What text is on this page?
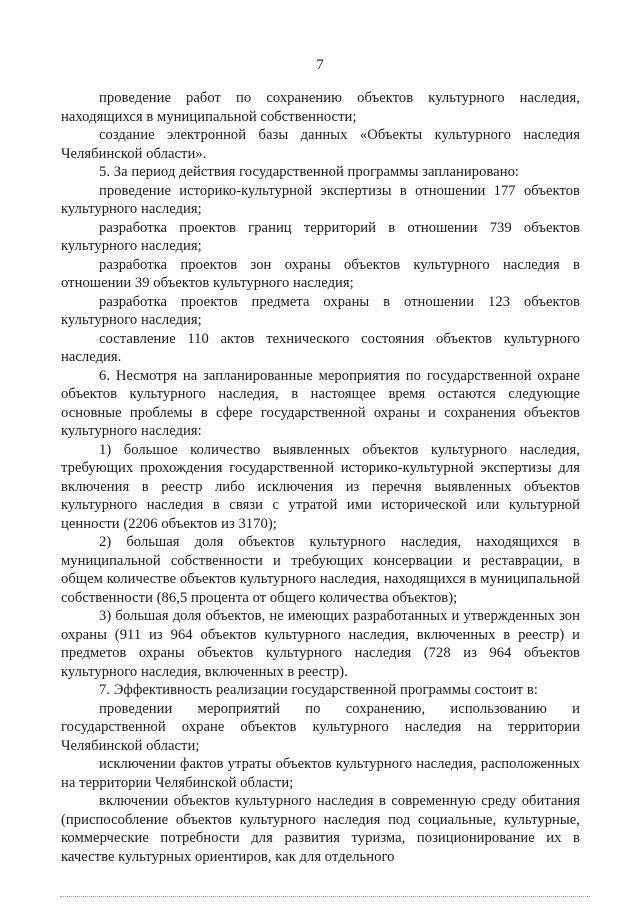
7

проведение работ по сохранению объектов культурного наследия, находящихся в муниципальной собственности;

создание электронной базы данных «Объекты культурного наследия Челябинской области».

5. За период действия государственной программы запланировано:

проведение историко-культурной экспертизы в отношении 177 объектов культурного наследия;

разработка проектов границ территорий в отношении 739 объектов культурного наследия;

разработка проектов зон охраны объектов культурного наследия в отношении 39 объектов культурного наследия;

разработка проектов предмета охраны в отношении 123 объектов культурного наследия;

составление 110 актов технического состояния объектов культурного наследия.

6. Несмотря на запланированные мероприятия по государственной охране объектов культурного наследия, в настоящее время остаются следующие основные проблемы в сфере государственной охраны и сохранения объектов культурного наследия:

1) большое количество выявленных объектов культурного наследия, требующих прохождения государственной историко-культурной экспертизы для включения в реестр либо исключения из перечня выявленных объектов культурного наследия в связи с утратой ими исторической или культурной ценности (2206 объектов из 3170);

2) большая доля объектов культурного наследия, находящихся в муниципальной собственности и требующих консервации и реставрации, в общем количестве объектов культурного наследия, находящихся в муниципальной собственности (86,5 процента от общего количества объектов);

3) большая доля объектов, не имеющих разработанных и утвержденных зон охраны (911 из 964 объектов культурного наследия, включенных в реестр) и предметов охраны объектов культурного наследия (728 из 964 объектов культурного наследия, включенных в реестр).

7. Эффективность реализации государственной программы состоит в:

проведении мероприятий по сохранению, использованию и государственной охране объектов культурного наследия на территории Челябинской области;

исключении фактов утраты объектов культурного наследия, расположенных на территории Челябинской области;

включении объектов культурного наследия в современную среду обитания (приспособление объектов культурного наследия под социальные, культурные, коммерческие потребности для развития туризма, позиционирование их в качестве культурных ориентиров, как для отдельного
